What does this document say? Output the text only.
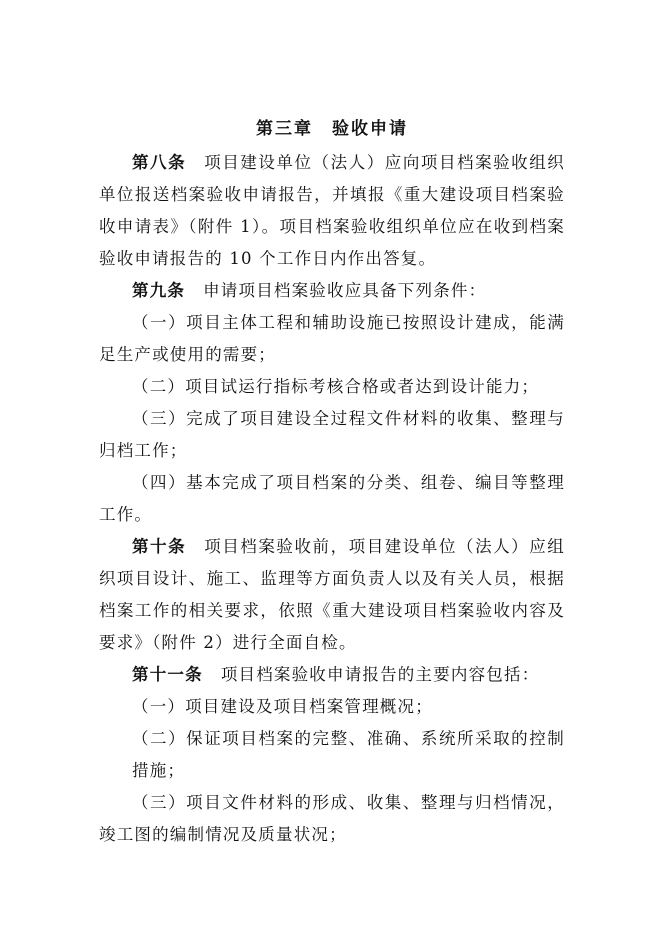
第三章　验收申请

第八条 项目建设单位（法人）应向项目档案验收组织单位报送档案验收申请报告，并填报《重大建设项目档案验收申请表》（附件 1）。项目档案验收组织单位应在收到档案验收申请报告的 10 个工作日内作出答复。

第九条 申请项目档案验收应具备下列条件：

（一）项目主体工程和辅助设施已按照设计建成，能满足生产或使用的需要；

（二）项目试运行指标考核合格或者达到设计能力；

（三）完成了项目建设全过程文件材料的收集、整理与归档工作；

（四）基本完成了项目档案的分类、组卷、编目等整理工作。

第十条 项目档案验收前，项目建设单位（法人）应组织项目设计、施工、监理等方面负责人以及有关人员，根据档案工作的相关要求，依照《重大建设项目档案验收内容及要求》（附件 2）进行全面自检。

第十一条 项目档案验收申请报告的主要内容包括：

（一）项目建设及项目档案管理概况；

（二）保证项目档案的完整、准确、系统所采取的控制措施；

（三）项目文件材料的形成、收集、整理与归档情况，竣工图的编制情况及质量状况；
